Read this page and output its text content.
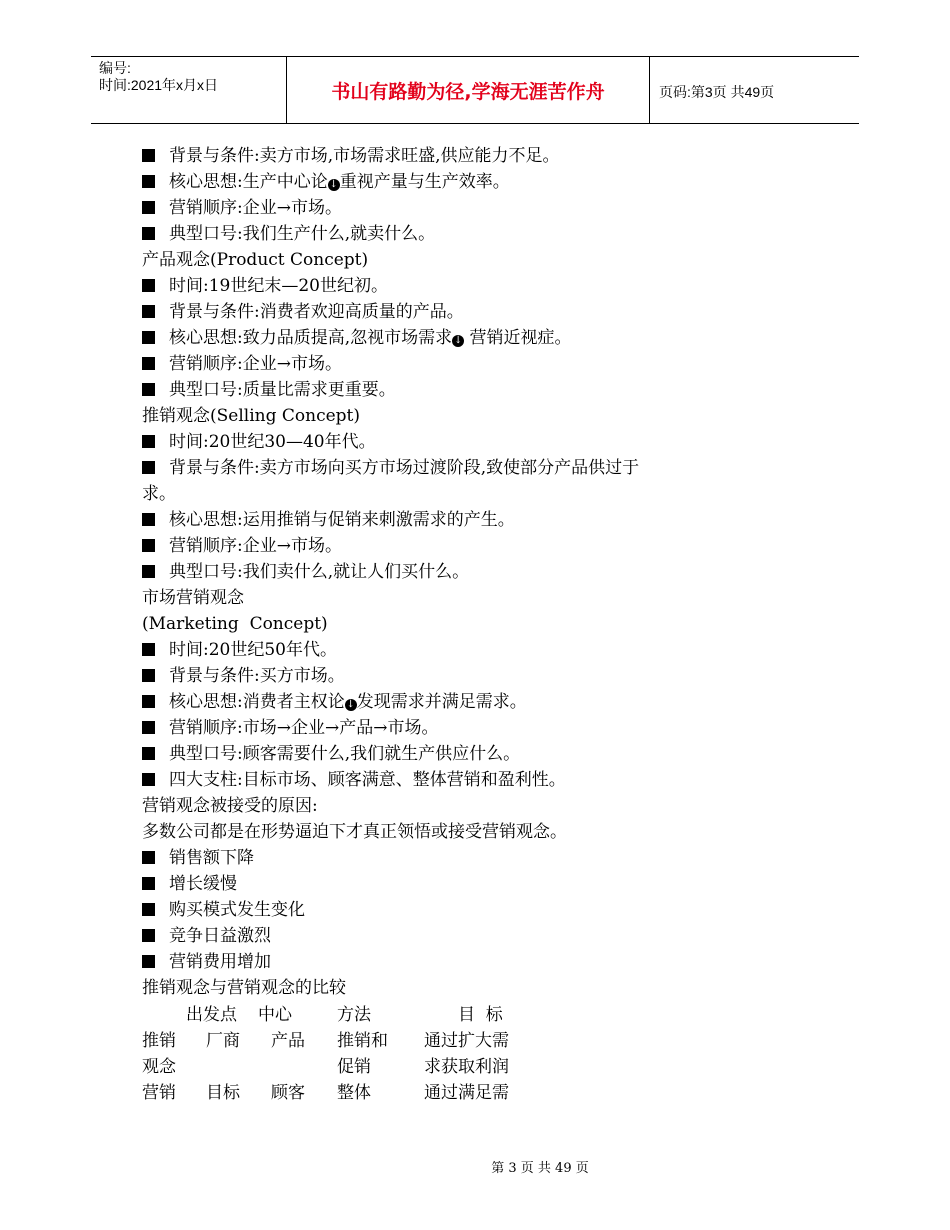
编号:
时间:2021年x月x日	书山有路勤为径,学海无涯苦作舟	页码:第3页 共49页
背景与条件:卖方市场,市场需求旺盛,供应能力不足。
核心思想:生产中心论 ↓ 重视产量与生产效率。
营销顺序:企业→市场。
典型口号:我们生产什么,就卖什么。
产品观念(Product Concept)
时间:19世纪末—20世纪初。
背景与条件:消费者欢迎高质量的产品。
核心思想:致力品质提高,忽视市场需求 ↓ 营销近视症。
营销顺序:企业→市场。
典型口号:质量比需求更重要。
推销观念(Selling Concept)
时间:20世纪30—40年代。
背景与条件:卖方市场向买方市场过渡阶段,致使部分产品供过于
求。
核心思想:运用推销与促销来刺激需求的产生。
营销顺序:企业→市场。
典型口号:我们卖什么,就让人们买什么。
市场营销观念
(Marketing  Concept)
时间:20世纪50年代。
背景与条件:买方市场。
核心思想:消费者主权论 ↓ 发现需求并满足需求。
营销顺序:市场→企业→产品→市场。
典型口号:顾客需要什么,我们就生产供应什么。
四大支柱:目标市场、顾客满意、整体营销和盈利性。
营销观念被接受的原因:
多数公司都是在形势逼迫下才真正领悟或接受营销观念。
销售额下降
增长缓慢
购买模式发生变化
竞争日益激烈
营销费用增加
推销观念与营销观念的比较
出发点 中心	方法	目  标
推销 厂商 产品 推销和 通过扩大需
观念	促销	求获取利润
营销 目标 顾客 整体	通过满足需
第 3 页 共 49 页
